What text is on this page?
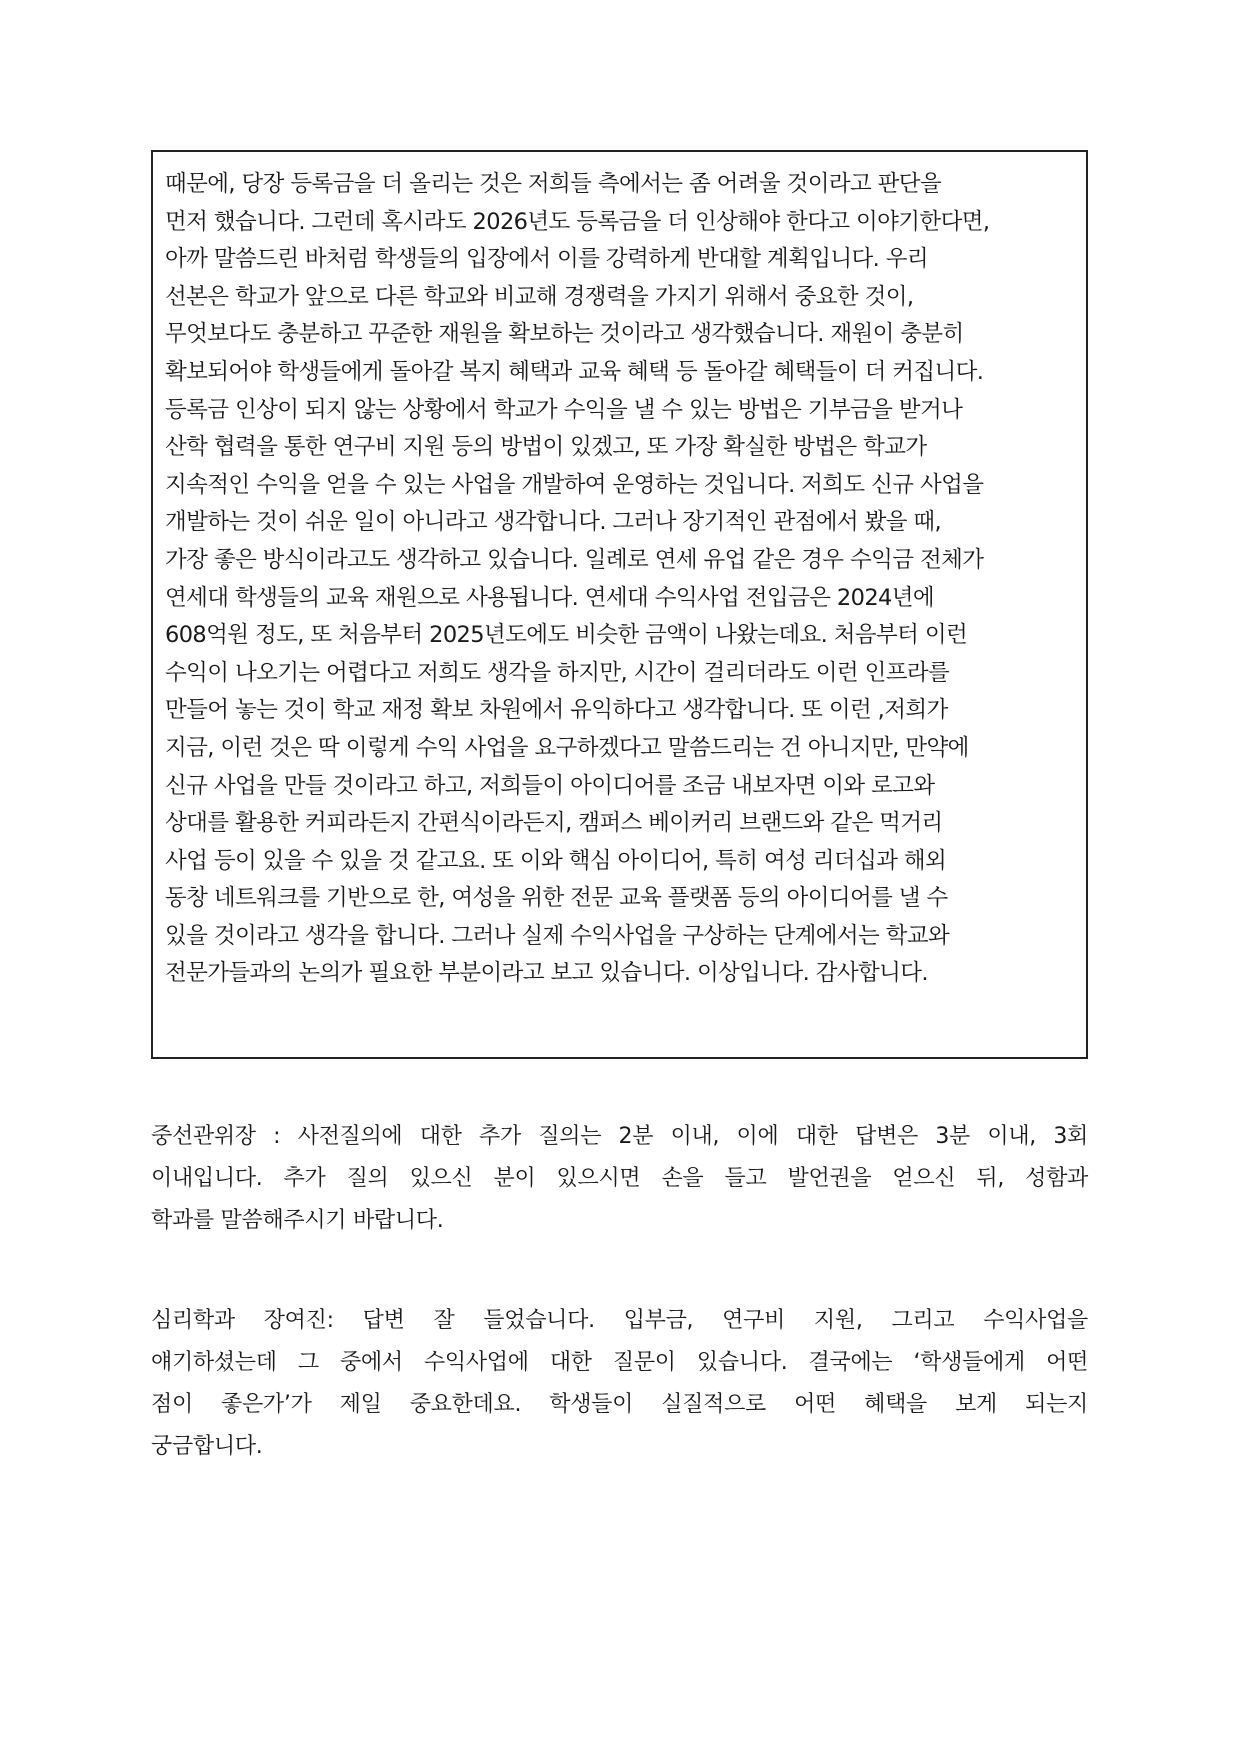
때문에, 당장 등록금을 더 올리는 것은 저희들 측에서는 좀 어려울 것이라고 판단을
먼저 했습니다. 그런데 혹시라도 2026년도 등록금을 더 인상해야 한다고 이야기한다면,
아까 말씀드린 바처럼 학생들의 입장에서 이를 강력하게 반대할 계획입니다. 우리
선본은 학교가 앞으로 다른 학교와 비교해 경쟁력을 가지기 위해서 중요한 것이,
무엇보다도 충분하고 꾸준한 재원을 확보하는 것이라고 생각했습니다. 재원이 충분히
확보되어야 학생들에게 돌아갈 복지 혜택과 교육 혜택 등 돌아갈 혜택들이 더 커집니다.
등록금 인상이 되지 않는 상황에서 학교가 수익을 낼 수 있는 방법은 기부금을 받거나
산학 협력을 통한 연구비 지원 등의 방법이 있겠고, 또 가장 확실한 방법은 학교가
지속적인 수익을 얻을 수 있는 사업을 개발하여 운영하는 것입니다. 저희도 신규 사업을
개발하는 것이 쉬운 일이 아니라고 생각합니다. 그러나 장기적인 관점에서 봤을 때,
가장 좋은 방식이라고도 생각하고 있습니다. 일례로 연세 유업 같은 경우 수익금 전체가
연세대 학생들의 교육 재원으로 사용됩니다. 연세대 수익사업 전입금은 2024년에
608억원 정도, 또 처음부터 2025년도에도 비슷한 금액이 나왔는데요. 처음부터 이런
수익이 나오기는 어렵다고 저희도 생각을 하지만, 시간이 걸리더라도 이런 인프라를
만들어 놓는 것이 학교 재정 확보 차원에서 유익하다고 생각합니다. 또 이런 ,저희가
지금, 이런 것은 딱 이렇게 수익 사업을 요구하겠다고 말씀드리는 건 아니지만, 만약에
신규 사업을 만들 것이라고 하고, 저희들이 아이디어를 조금 내보자면 이와 로고와
상대를 활용한 커피라든지 간편식이라든지, 캠퍼스 베이커리 브랜드와 같은 먹거리
사업 등이 있을 수 있을 것 같고요. 또 이와 핵심 아이디어, 특히 여성 리더십과 해외
동창 네트워크를 기반으로 한, 여성을 위한 전문 교육 플랫폼 등의 아이디어를 낼 수
있을 것이라고 생각을 합니다. 그러나 실제 수익사업을 구상하는 단계에서는 학교와
전문가들과의 논의가 필요한 부분이라고 보고 있습니다. 이상입니다. 감사합니다.
중선관위장 : 사전질의에 대한 추가 질의는 2분 이내, 이에 대한 답변은 3분 이내, 3회
이내입니다. 추가 질의 있으신 분이 있으시면 손을 들고 발언권을 얻으신 뒤, 성함과
학과를 말씀해주시기 바랍니다.
심리학과 장여진: 답변 잘 들었습니다. 입부금, 연구비 지원, 그리고 수익사업을
얘기하셨는데 그 중에서 수익사업에 대한 질문이 있습니다. 결국에는 ‘학생들에게 어떤
점이 좋은가’가 제일 중요한데요. 학생들이 실질적으로 어떤 혜택을 보게 되는지
궁금합니다.
